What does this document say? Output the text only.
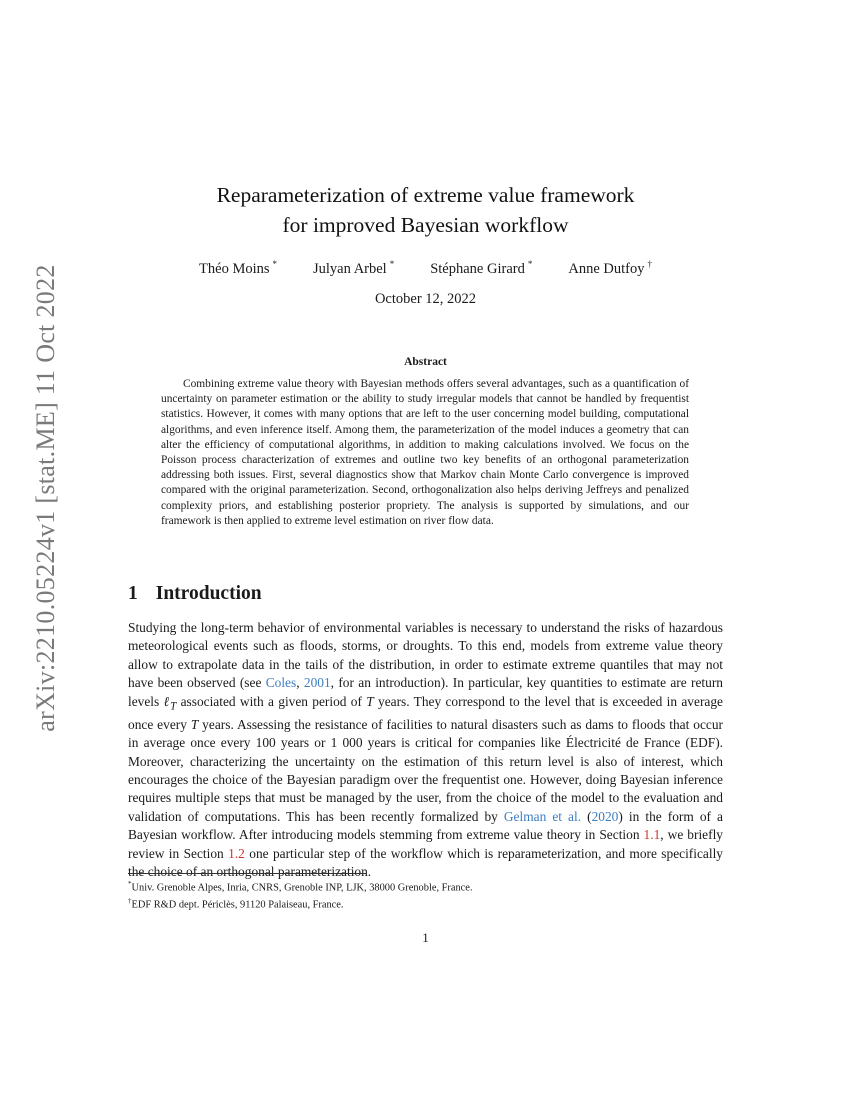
arXiv:2210.05224v1 [stat.ME] 11 Oct 2022
Reparameterization of extreme value framework
for improved Bayesian workflow
Théo Moins * Julyan Arbel * Stéphane Girard * Anne Dutfoy †
October 12, 2022
Abstract

Combining extreme value theory with Bayesian methods offers several advantages, such as a quantification of uncertainty on parameter estimation or the ability to study irregular models that cannot be handled by frequentist statistics. However, it comes with many options that are left to the user concerning model building, computational algorithms, and even inference itself. Among them, the parameterization of the model induces a geometry that can alter the efficiency of computational algorithms, in addition to making calculations involved. We focus on the Poisson process characterization of extremes and outline two key benefits of an orthogonal parameterization addressing both issues. First, several diagnostics show that Markov chain Monte Carlo convergence is improved compared with the original parameterization. Second, orthogonalization also helps deriving Jeffreys and penalized complexity priors, and establishing posterior propriety. The analysis is supported by simulations, and our framework is then applied to extreme level estimation on river flow data.

1 Introduction

Studying the long-term behavior of environmental variables is necessary to understand the risks of hazardous meteorological events such as floods, storms, or droughts. To this end, models from extreme value theory allow to extrapolate data in the tails of the distribution, in order to estimate extreme quantiles that may not have been observed (see Coles, 2001, for an introduction). In particular, key quantities to estimate are return levels ℓ$_T$ associated with a given period of T years. They correspond to the level that is exceeded in average once every T years. Assessing the resistance of facilities to natural disasters such as dams to floods that occur in average once every 100 years or 1 000 years is critical for companies like Électricité de France (EDF). Moreover, characterizing the uncertainty on the estimation of this return level is also of interest, which encourages the choice of the Bayesian paradigm over the frequentist one. However, doing Bayesian inference requires multiple steps that must be managed by the user, from the choice of the model to the evaluation and validation of computations. This has been recently formalized by Gelman et al. (2020) in the form of a Bayesian workflow. After introducing models stemming from extreme value theory in Section 1.1, we briefly review in Section 1.2 one particular step of the workflow which is reparameterization, and more specifically the choice of an orthogonal parameterization.

*Univ. Grenoble Alpes, Inria, CNRS, Grenoble INP, LJK, 38000 Grenoble, France.
†EDF R&D dept. Périclès, 91120 Palaiseau, France.
1
